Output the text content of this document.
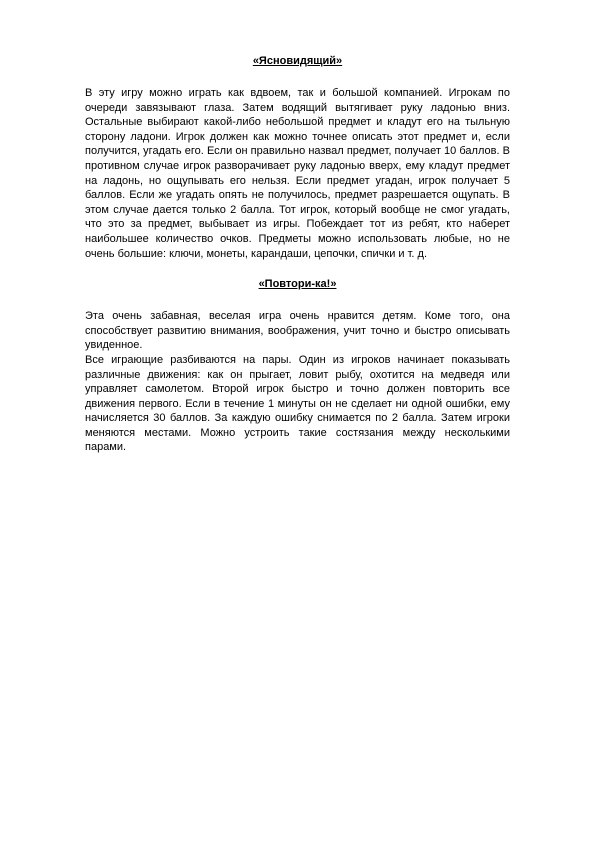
«Ясновидящий»

В эту игру можно играть как вдвоем, так и большой компанией. Игрокам по очереди завязывают глаза. Затем водящий вытягивает руку ладонью вниз. Остальные выбирают какой-либо небольшой предмет и кладут его на тыльную сторону ладони. Игрок должен как можно точнее описать этот предмет и, если получится, угадать его. Если он правильно назвал предмет, получает 10 баллов. В противном случае игрок разворачивает руку ладонью вверх, ему кладут предмет на ладонь, но ощупывать его нельзя. Если предмет угадан, игрок получает 5 баллов. Если же угадать опять не получилось, предмет разрешается ощупать. В этом случае дается только 2 балла. Тот игрок, который вообще не смог угадать, что это за предмет, выбывает из игры. Побеждает тот из ребят, кто наберет наибольшее количество очков. Предметы можно использовать любые, но не очень большие: ключи, монеты, карандаши, цепочки, спички и т. д.

«Повтори-ка!»

Эта очень забавная, веселая игра очень нравится детям. Коме того, она способствует развитию внимания, воображения, учит точно и быстро описывать увиденное.

Все играющие разбиваются на пары. Один из игроков начинает показывать различные движения: как он прыгает, ловит рыбу, охотится на медведя или управляет самолетом. Второй игрок быстро и точно должен повторить все движения первого. Если в течение 1 минуты он не сделает ни одной ошибки, ему начисляется 30 баллов. За каждую ошибку снимается по 2 балла. Затем игроки меняются местами. Можно устроить такие состязания между несколькими парами.
